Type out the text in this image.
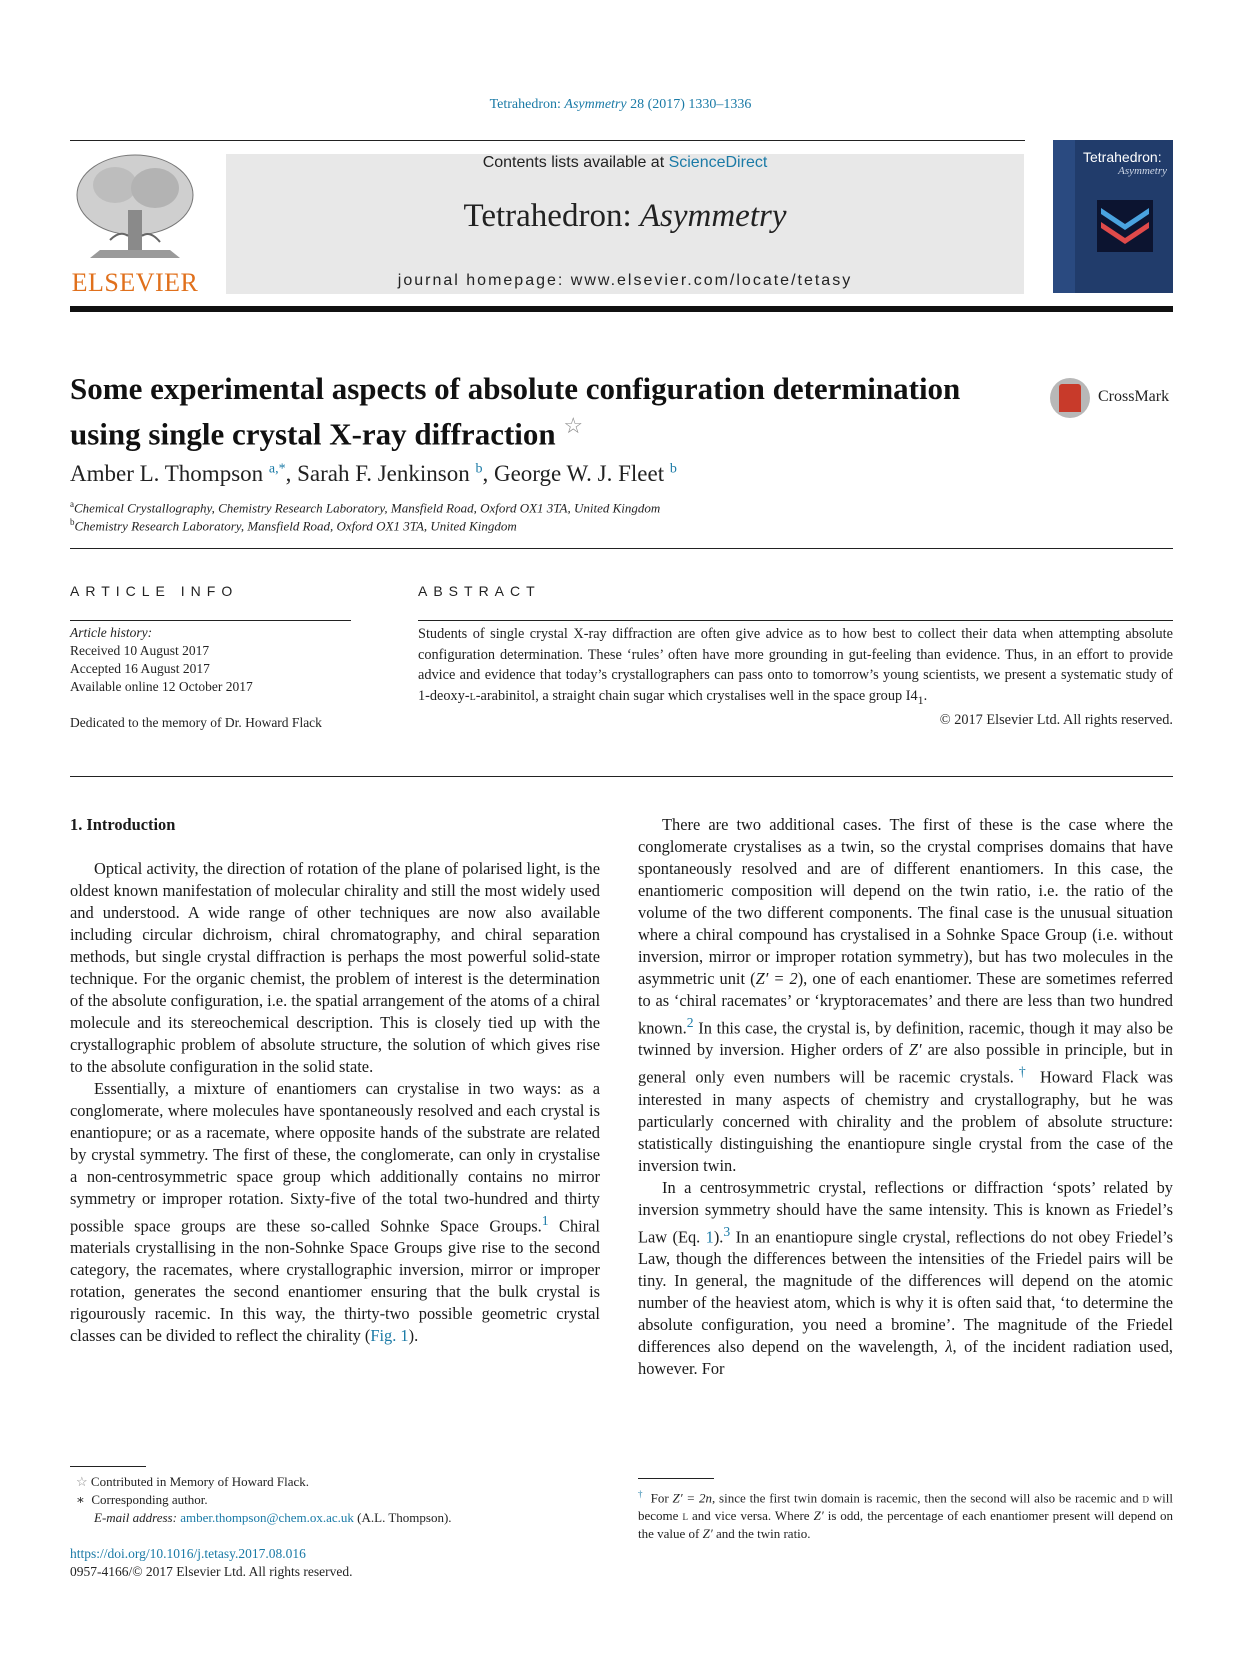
Tetrahedron: Asymmetry 28 (2017) 1330–1336
ELSEVIER
Contents lists available at ScienceDirect
Tetrahedron: Asymmetry
journal homepage: www.elsevier.com/locate/tetasy
Tetrahedron:
Asymmetry
Some experimental aspects of absolute configuration determination
using single crystal X-ray diffraction ☆
CrossMark
Amber L. Thompson $^{a,*}$, Sarah F. Jenkinson $^b$, George W. J. Fleet $^b$
$^a$Chemical Crystallography, Chemistry Research Laboratory, Mansfield Road, Oxford OX1 3TA, United Kingdom
$^b$Chemistry Research Laboratory, Mansfield Road, Oxford OX1 3TA, United Kingdom
ARTICLE INFO	ABSTRACT
Article history:
Received 10 August 2017
Accepted 16 August 2017
Available online 12 October 2017
Dedicated to the memory of Dr. Howard Flack
Students of single crystal X-ray diffraction are often give advice as to how best to collect their data when attempting absolute configuration determination. These ‘rules’ often have more grounding in gut-feeling than evidence. Thus, in an effort to provide advice and evidence that today’s crystallographers can pass onto to tomorrow’s young scientists, we present a systematic study of 1-deoxy-l-arabinitol, a straight chain sugar which crystalises well in the space group $I4_1$.
© 2017 Elsevier Ltd. All rights reserved.

1. Introduction

Optical activity, the direction of rotation of the plane of polarised light, is the oldest known manifestation of molecular chirality and still the most widely used and understood. A wide range of other techniques are now also available including circular dichroism, chiral chromatography, and chiral separation methods, but single crystal diffraction is perhaps the most powerful solid-state technique. For the organic chemist, the problem of interest is the determination of the absolute configuration, i.e. the spatial arrangement of the atoms of a chiral molecule and its stereochemical description. This is closely tied up with the crystallographic problem of absolute structure, the solution of which gives rise to the absolute configuration in the solid state.

Essentially, a mixture of enantiomers can crystalise in two ways: as a conglomerate, where molecules have spontaneously resolved and each crystal is enantiopure; or as a racemate, where opposite hands of the substrate are related by crystal symmetry. The first of these, the conglomerate, can only in crystalise a non-centrosymmetric space group which additionally contains no mirror symmetry or improper rotation. Sixty-five of the total two-hundred and thirty possible space groups are these so-called Sohnke Space Groups.$^1$ Chiral materials crystallising in the non-Sohnke Space Groups give rise to the second category, the racemates, where crystallographic inversion, mirror or improper rotation, generates the second enantiomer ensuring that the bulk crystal is rigourously racemic. In this way, the thirty-two possible geometric crystal classes can be divided to reflect the chirality (Fig. 1).

There are two additional cases. The first of these is the case where the conglomerate crystalises as a twin, so the crystal comprises domains that have spontaneously resolved and are of different enantiomers. In this case, the enantiomeric composition will depend on the twin ratio, i.e. the ratio of the volume of the two different components. The final case is the unusual situation where a chiral compound has crystalised in a Sohnke Space Group (i.e. without inversion, mirror or improper rotation symmetry), but has two molecules in the asymmetric unit (Z′ = 2), one of each enantiomer. These are sometimes referred to as ‘chiral racemates’ or ‘kryptoracemates’ and there are less than two hundred known.$^2$ In this case, the crystal is, by definition, racemic, though it may also be twinned by inversion. Higher orders of Z′ are also possible in principle, but in general only even numbers will be racemic crystals.† Howard Flack was interested in many aspects of chemistry and crystallography, but he was particularly concerned with chirality and the problem of absolute structure: statistically distinguishing the enantiopure single crystal from the case of the inversion twin.

In a centrosymmetric crystal, reflections or diffraction ‘spots’ related by inversion symmetry should have the same intensity. This is known as Friedel’s Law (Eq. 1).$^3$ In an enantiopure single crystal, reflections do not obey Friedel’s Law, though the differences between the intensities of the Friedel pairs will be tiny. In general, the magnitude of the differences will depend on the atomic number of the heaviest atom, which is why it is often said that, ‘to determine the absolute configuration, you need a bromine’. The magnitude of the Friedel differences also depend on the wavelength, λ, of the incident radiation used, however. For

☆ Contributed in Memory of Howard Flack.
∗  Corresponding author.
E-mail address: amber.thompson@chem.ox.ac.uk (A.L. Thompson).
† For Z′ = 2n, since the first twin domain is racemic, then the second will also be racemic and d will become l and vice versa. Where Z′ is odd, the percentage of each enantiomer present will depend on the value of Z′ and the twin ratio.
https://doi.org/10.1016/j.tetasy.2017.08.016
0957-4166/© 2017 Elsevier Ltd. All rights reserved.
